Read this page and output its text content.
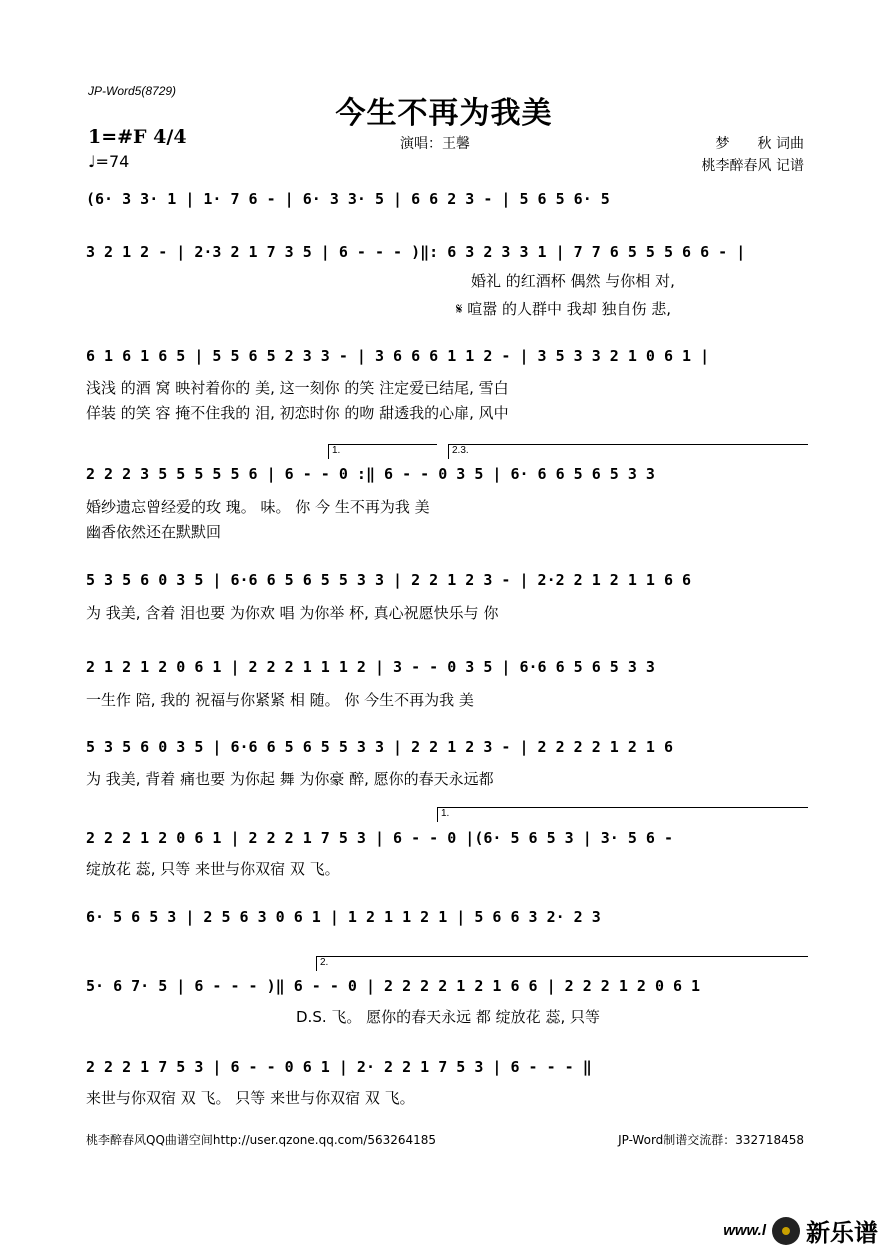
JP-Word5(8729)
今生不再为我美
1=#F 4/4
♩=74
演唱：王馨	梦　　秋 词曲
桃李醉春风 记谱
(6· 3 3· 1 | 1· 7 6 - | 6· 3 3· 5 | 6 6 2 3 - | 5 6 5 6· 5
3 2 1 2 - | 2·3 2 1 7 3 5 | 6 - - - )‖: 6 3 2 3 3 1 | 7 7 6 5 5 5 6 6 - |
婚礼 的红酒杯 偶然 与你相 对,
𝄋 喧嚣 的人群中 我却 独自伤 悲,
6 1 6 1 6 5 | 5 5 6 5 2 3 3 - | 3 6 6 6 1 1 2 - | 3 5 3 3 2 1 0 6 1 |
浅浅 的酒 窝 映衬着你的 美, 这一刻你 的笑 注定爱已结尾, 雪白
佯装 的笑 容 掩不住我的 泪, 初恋时你 的吻 甜透我的心扉, 风中
1.	2.3.
2 2 2 3 5 5 5 5 5 6 | 6 - - 0 :‖ 6 - - 0 3 5 | 6· 6 6 5 6 5 3 3
婚纱遗忘曾经爱的玫 瑰。 味。 你 今 生不再为我 美
幽香依然还在默默回
5 3 5 6 0 3 5 | 6·6 6 5 6 5 5 3 3 | 2 2 1 2 3 - | 2·2 2 1 2 1 1 6 6
为 我美, 含着 泪也要 为你欢 唱 为你举 杯, 真心祝愿快乐与 你
2 1 2 1 2 0 6 1 | 2 2 2 1 1 1 2 | 3 - - 0 3 5 | 6·6 6 5 6 5 3 3
一生作 陪, 我的 祝福与你紧紧 相 随。 你 今生不再为我 美
5 3 5 6 0 3 5 | 6·6 6 5 6 5 5 3 3 | 2 2 1 2 3 - | 2 2 2 2 1 2 1 6
为 我美, 背着 痛也要 为你起 舞 为你豪 醉, 愿你的春天永远都
1.
2 2 2 1 2 0 6 1 | 2 2 2 1 7 5 3 | 6 - - 0 |(6· 5 6 5 3 | 3· 5 6 -
绽放花 蕊, 只等 来世与你双宿 双 飞。
6· 5 6 5 3 | 2 5 6 3 0 6 1 | 1 2 1 1 2 1 | 5 6 6 3 2· 2 3
2.
5· 6 7· 5 | 6 - - - )‖ 6 - - 0 | 2 2 2 2 1 2 1 6 6 | 2 2 2 1 2 0 6 1
D.S. 飞。 愿你的春天永远 都 绽放花 蕊, 只等
2 2 2 1 7 5 3 | 6 - - 0 6 1 | 2· 2 2 1 7 5 3 | 6 - - - ‖
来世与你双宿 双 飞。 只等 来世与你双宿 双 飞。
桃李醉春风QQ曲谱空间http://user.qzone.qq.com/563264185	JP-Word制谱交流群：332718458
www.l 新乐谱
